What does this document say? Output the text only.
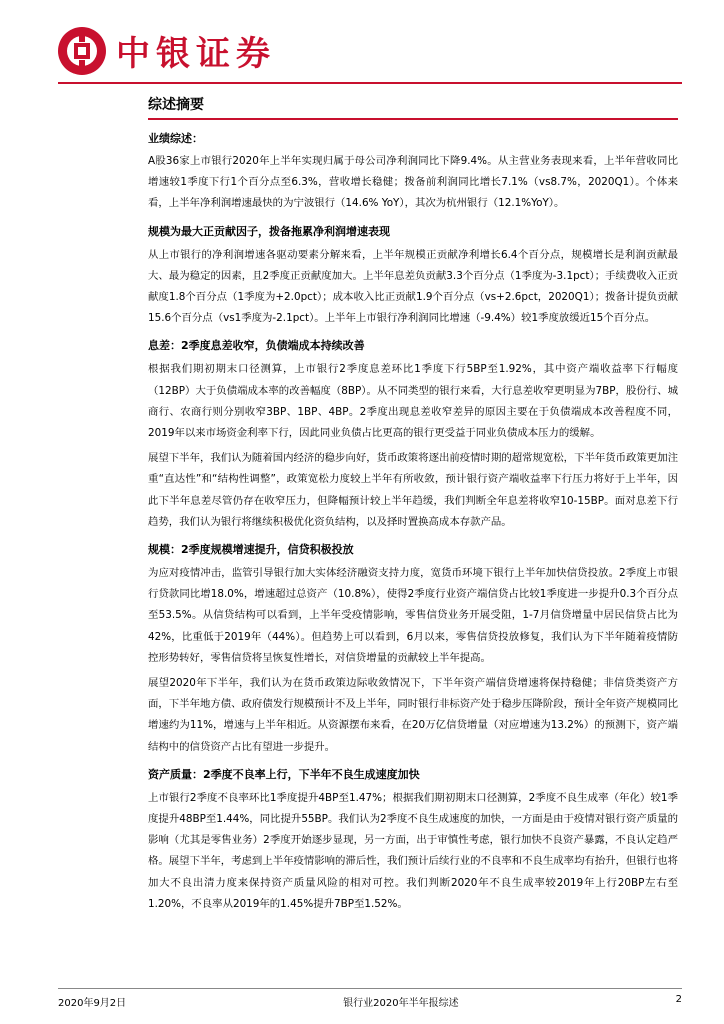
中银证券
综述摘要
业绩综述：

A股36家上市银行2020年上半年实现归属于母公司净利润同比下降9.4%。从主营业务表现来看，上半年营收同比增速较1季度下行1个百分点至6.3%，营收增长稳健；拨备前利润同比增长7.1%（vs8.7%，2020Q1）。个体来看，上半年净利润增速最快的为宁波银行（14.6% YoY），其次为杭州银行（12.1%YoY）。

规模为最大正贡献因子，拨备拖累净利润增速表现

从上市银行的净利润增速各驱动要素分解来看，上半年规模正贡献净利增长6.4个百分点，规模增长是利润贡献最大、最为稳定的因素，且2季度正贡献度加大。上半年息差负贡献3.3个百分点（1季度为-3.1pct）；手续费收入正贡献度1.8个百分点（1季度为+2.0pct）；成本收入比正贡献1.9个百分点（vs+2.6pct，2020Q1）；拨备计提负贡献15.6个百分点（vs1季度为-2.1pct）。上半年上市银行净利润同比增速（-9.4%）较1季度放缓近15个百分点。

息差：2季度息差收窄，负债端成本持续改善

根据我们期初期末口径测算，上市银行2季度息差环比1季度下行5BP至1.92%，其中资产端收益率下行幅度（12BP）大于负债端成本率的改善幅度（8BP）。从不同类型的银行来看，大行息差收窄更明显为7BP，股份行、城商行、农商行则分别收窄3BP、1BP、4BP。2季度出现息差收窄差异的原因主要在于负债端成本改善程度不同，2019年以来市场资金利率下行，因此同业负债占比更高的银行更受益于同业负债成本压力的缓解。

展望下半年，我们认为随着国内经济的稳步向好，货币政策将逐出前疫情时期的超常规宽松，下半年货币政策更加注重“直达性”和“结构性调整”，政策宽松力度较上半年有所收敛，预计银行资产端收益率下行压力将好于上半年，因此下半年息差尽管仍存在收窄压力，但降幅预计较上半年趋缓，我们判断全年息差将收窄10-15BP。面对息差下行趋势，我们认为银行将继续积极优化资负结构，以及择时置换高成本存款产品。

规模：2季度规模增速提升，信贷积极投放

为应对疫情冲击，监管引导银行加大实体经济融资支持力度，宽货币环境下银行上半年加快信贷投放。2季度上市银行贷款同比增18.0%，增速超过总资产（10.8%），使得2季度行业资产端信贷占比较1季度进一步提升0.3个百分点至53.5%。从信贷结构可以看到，上半年受疫情影响，零售信贷业务开展受阻，1-7月信贷增量中居民信贷占比为42%，比重低于2019年（44%）。但趋势上可以看到，6月以来，零售信贷投放修复，我们认为下半年随着疫情防控形势转好，零售信贷将呈恢复性增长，对信贷增量的贡献较上半年提高。

展望2020年下半年，我们认为在货币政策边际收敛情况下，下半年资产端信贷增速将保持稳健；非信贷类资产方面，下半年地方债、政府债发行规模预计不及上半年，同时银行非标资产处于稳步压降阶段，预计全年资产规模同比增速约为11%，增速与上半年相近。从资源摆布来看，在20万亿信贷增量（对应增速为13.2%）的预测下，资产端结构中的信贷资产占比有望进一步提升。

资产质量：2季度不良率上行，下半年不良生成速度加快

上市银行2季度不良率环比1季度提升4BP至1.47%；根据我们期初期末口径测算，2季度不良生成率（年化）较1季度提升48BP至1.44%，同比提升55BP。我们认为2季度不良生成速度的加快，一方面是由于疫情对银行资产质量的影响（尤其是零售业务）2季度开始逐步显现，另一方面，出于审慎性考虑，银行加快不良资产暴露，不良认定趋严格。展望下半年，考虑到上半年疫情影响的滞后性，我们预计后续行业的不良率和不良生成率均有抬升，但银行也将加大不良出清力度来保持资产质量风险的相对可控。我们判断2020年不良生成率较2019年上行20BP左右至1.20%，不良率从2019年的1.45%提升7BP至1.52%。

2020年9月2日	银行业2020年半年报综述	2
